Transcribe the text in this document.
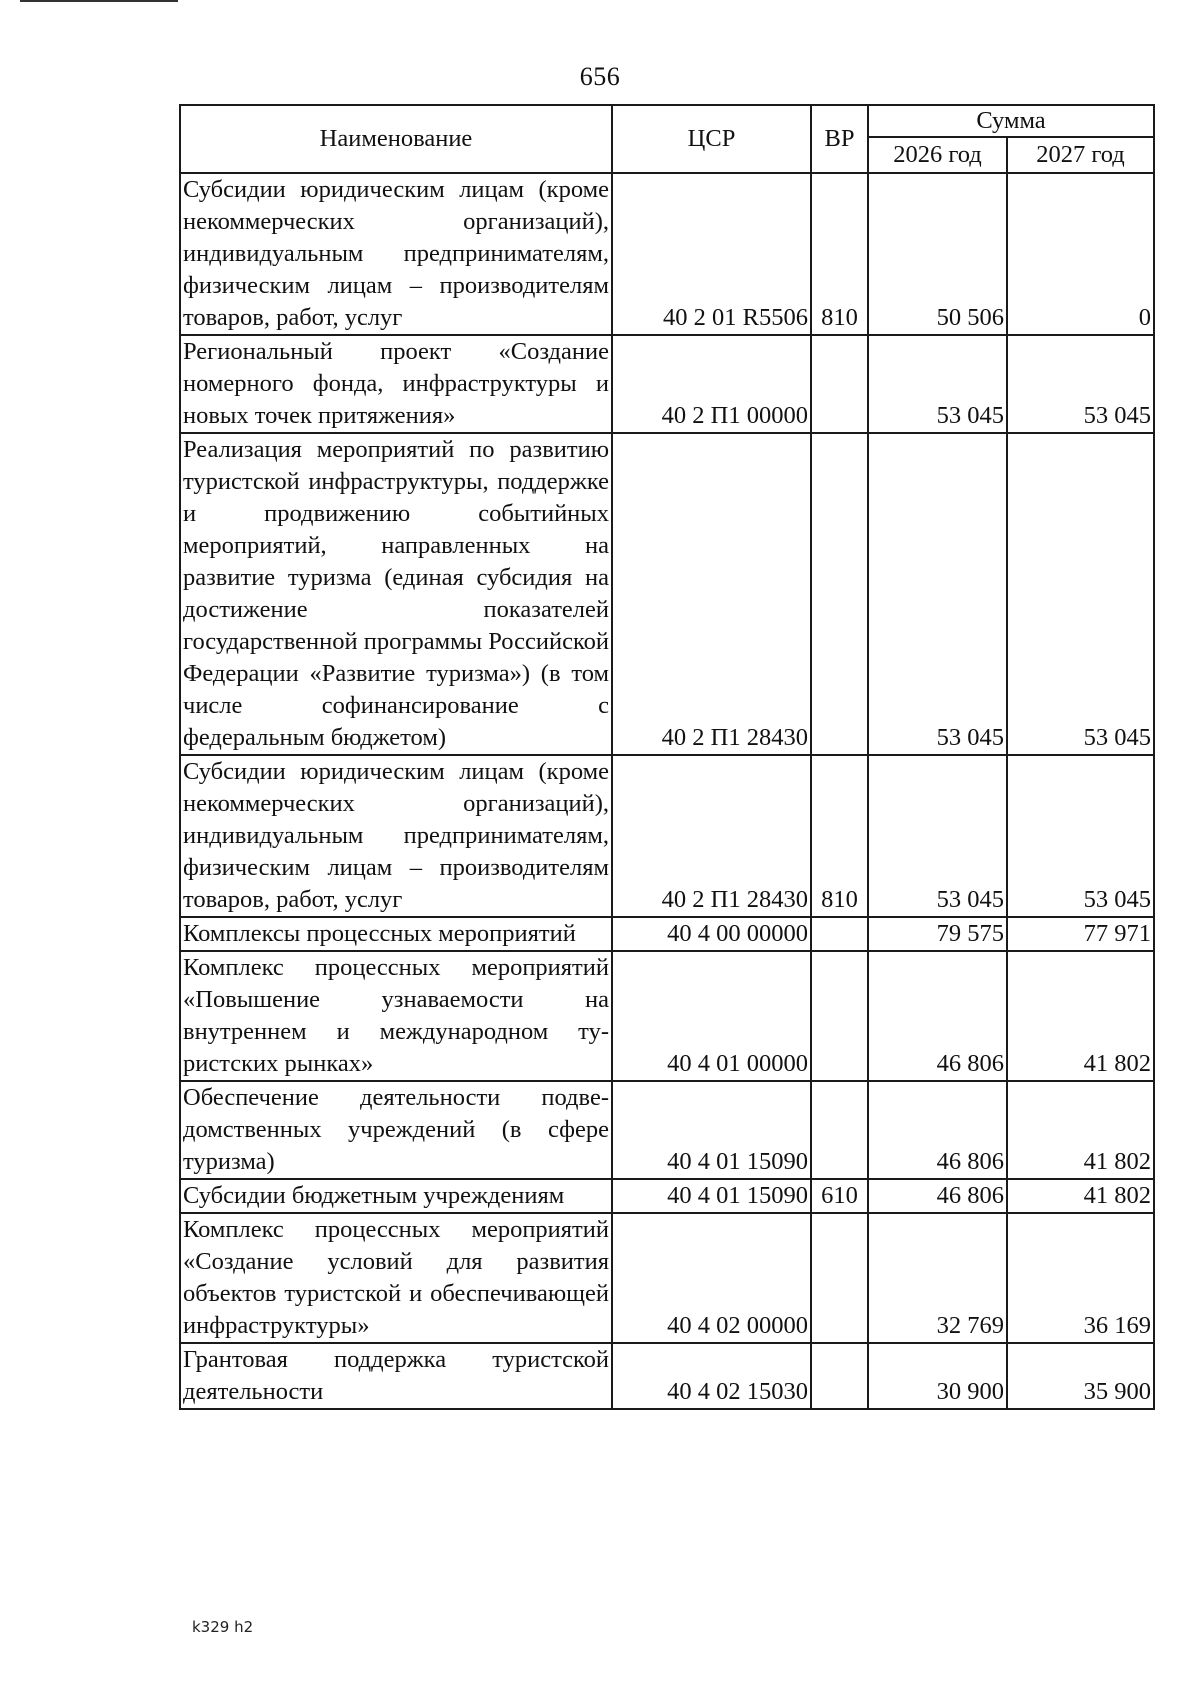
656
Наименование	ЦСР	ВР	Сумма	
			2026 год	2027 год
Субсидии юридическим лицам (кроме некоммерческих организаций), индивидуальным предпринимателям, физическим лицам – производителям товаров, работ, услуг	40 2 01 R5506	810	50 506	0
Региональный проект «Создание номерного фонда, инфраструктуры и новых точек притяжения»	40 2 П1 00000		53 045	53 045
Реализация мероприятий по развитию туристской инфраструктуры, поддержке и продвижению событийных мероприятий, направленных на развитие туризма (единая субсидия на достижение показателей государственной программы Российской Федерации «Развитие туризма») (в том числе софинансирование с федеральным бюджетом)	40 2 П1 28430		53 045	53 045
Субсидии юридическим лицам (кроме некоммерческих организаций), индивидуальным предпринимателям, физическим лицам – производителям товаров, работ, услуг	40 2 П1 28430	810	53 045	53 045
Комплексы процессных мероприятий	40 4 00 00000		79 575	77 971
Комплекс процессных мероприятий «Повышение узнаваемости на внутреннем и международном туристских рынках»	40 4 01 00000		46 806	41 802
Обеспечение деятельности подведомственных учреждений (в сфере туризма)	40 4 01 15090		46 806	41 802
Субсидии бюджетным учреждениям	40 4 01 15090	610	46 806	41 802
Комплекс процессных мероприятий «Создание условий для развития объектов туристской и обеспечивающей инфраструктуры»	40 4 02 00000		32 769	36 169
Грантовая поддержка туристской деятельности	40 4 02 15030		30 900	35 900
k329 h2
